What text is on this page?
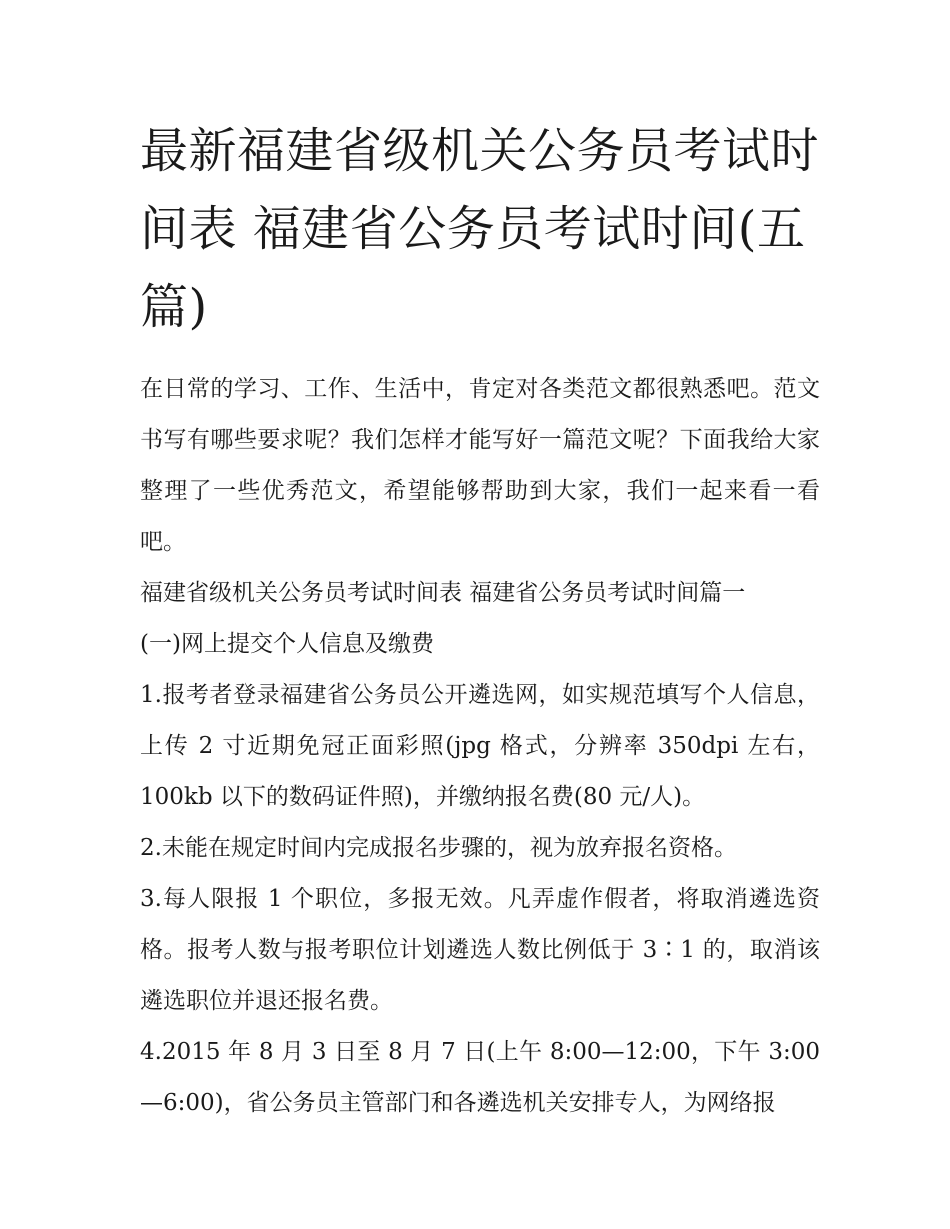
最新福建省级机关公务员考试时间表 福建省公务员考试时间(五篇)

在日常的学习、工作、生活中，肯定对各类范文都很熟悉吧。范文书写有哪些要求呢？我们怎样才能写好一篇范文呢？下面我给大家整理了一些优秀范文，希望能够帮助到大家，我们一起来看一看吧。

福建省级机关公务员考试时间表 福建省公务员考试时间篇一

(一)网上提交个人信息及缴费

1.报考者登录福建省公务员公开遴选网，如实规范填写个人信息，上传 2 寸近期免冠正面彩照(jpg 格式，分辨率 350dpi 左右，100kb 以下的数码证件照)，并缴纳报名费(80 元/人)。

2.未能在规定时间内完成报名步骤的，视为放弃报名资格。

3.每人限报 1 个职位，多报无效。凡弄虚作假者，将取消遴选资格。报考人数与报考职位计划遴选人数比例低于 3∶1 的，取消该遴选职位并退还报名费。

4.2015 年 8 月 3 日至 8 月 7 日(上午 8:00—12:00，下午 3:00—6:00)，省公务员主管部门和各遴选机关安排专人，为网络报
